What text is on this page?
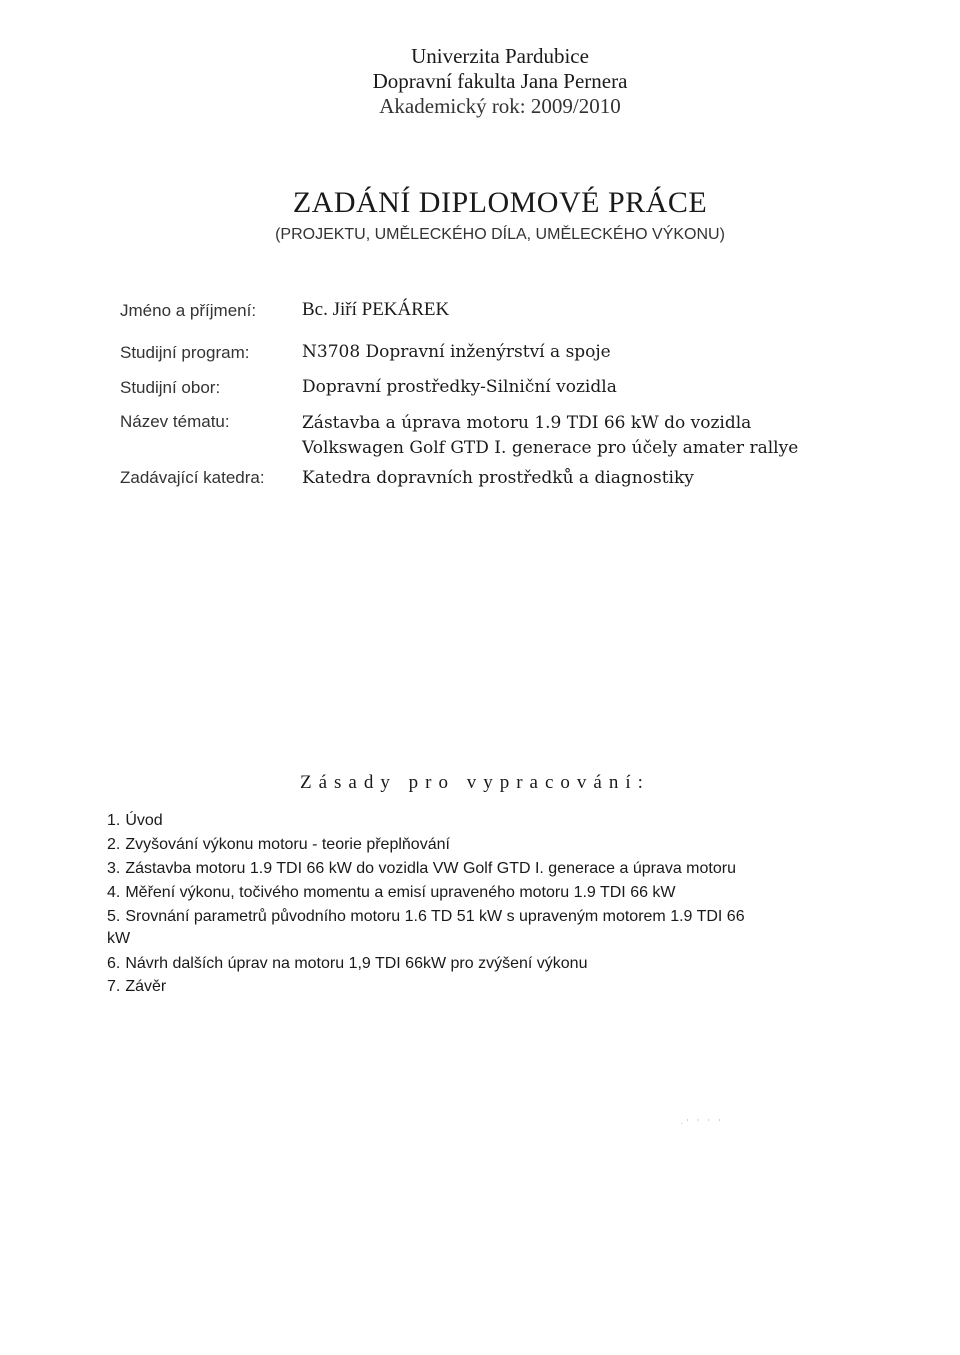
Univerzita Pardubice
Dopravní fakulta Jana Pernera
Akademický rok: 2009/2010
ZADÁNÍ DIPLOMOVÉ PRÁCE
(PROJEKTU, UMĚLECKÉHO DÍLA, UMĚLECKÉHO VÝKONU)
Jméno a příjmení: Bc. Jiří PEKÁREK
Studijní program:	N3708 Dopravní inženýrství a spoje
Studijní obor:	Dopravní prostředky-Silniční vozidla
Název tématu:	Zástavba a úprava motoru 1.9 TDI 66 kW do vozidla
Volkswagen Golf GTD I. generace pro účely amater rallye
Zadávající katedra: Katedra dopravních prostředků a diagnostiky
Zásady pro vypracování:
1. Úvod
2. Zvyšování výkonu motoru - teorie přeplňování
3. Zástavba motoru 1.9 TDI 66 kW do vozidla VW Golf GTD I. generace a úprava motoru
4. Měření výkonu, točivého momentu a emisí upraveného motoru 1.9 TDI 66 kW
5. Srovnání parametrů původního motoru 1.6 TD 51 kW s upraveným motorem 1.9 TDI 66
kW
6. Návrh dalších úprav na motoru 1,9 TDI 66kW pro zvýšení výkonu
7. Závěr
·' ' ' '
